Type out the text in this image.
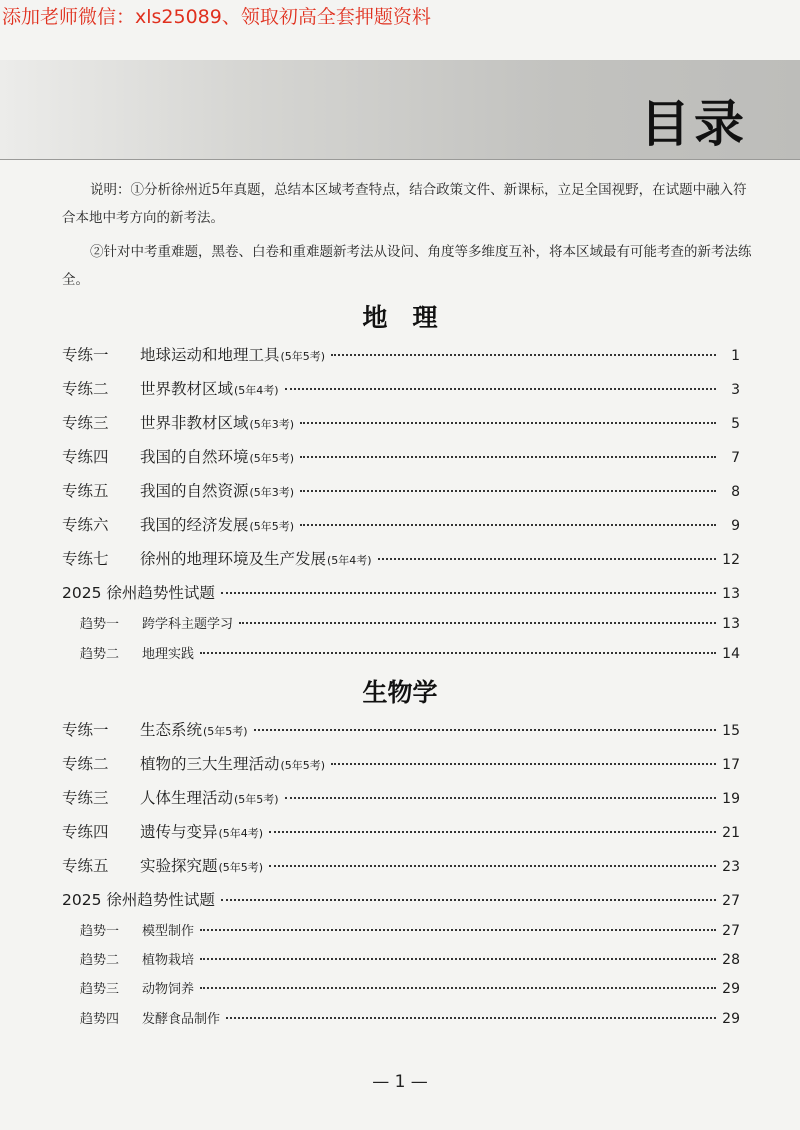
添加老师微信：xls25089、领取初高全套押题资料
目录
说明：①分析徐州近5年真题，总结本区域考查特点，结合政策文件、新课标，立足全国视野，在试题中融入符合本地中考方向的新考法。
②针对中考重难题，黑卷、白卷和重难题新考法从设问、角度等多维度互补，将本区域最有可能考查的新考法练全。
地　理
专练一	地球运动和地理工具 (5年5考)	1
专练二	世界教材区域 (5年4考)	3
专练三	世界非教材区域 (5年3考)	5
专练四	我国的自然环境 (5年5考)	7
专练五	我国的自然资源 (5年3考)	8
专练六	我国的经济发展 (5年5考)	9
专练七	徐州的地理环境及生产发展 (5年4考)	12
2025 徐州趋势性试题	13
趋势一	跨学科主题学习	13
趋势二	地理实践	14
生物学
专练一	生态系统 (5年5考)	15
专练二	植物的三大生理活动 (5年5考)	17
专练三	人体生理活动 (5年5考)	19
专练四	遗传与变异 (5年4考)	21
专练五	实验探究题 (5年5考)	23
2025 徐州趋势性试题	27
趋势一	模型制作	27
趋势二	植物栽培	28
趋势三	动物饲养	29
趋势四	发酵食品制作	29
— 1 —
